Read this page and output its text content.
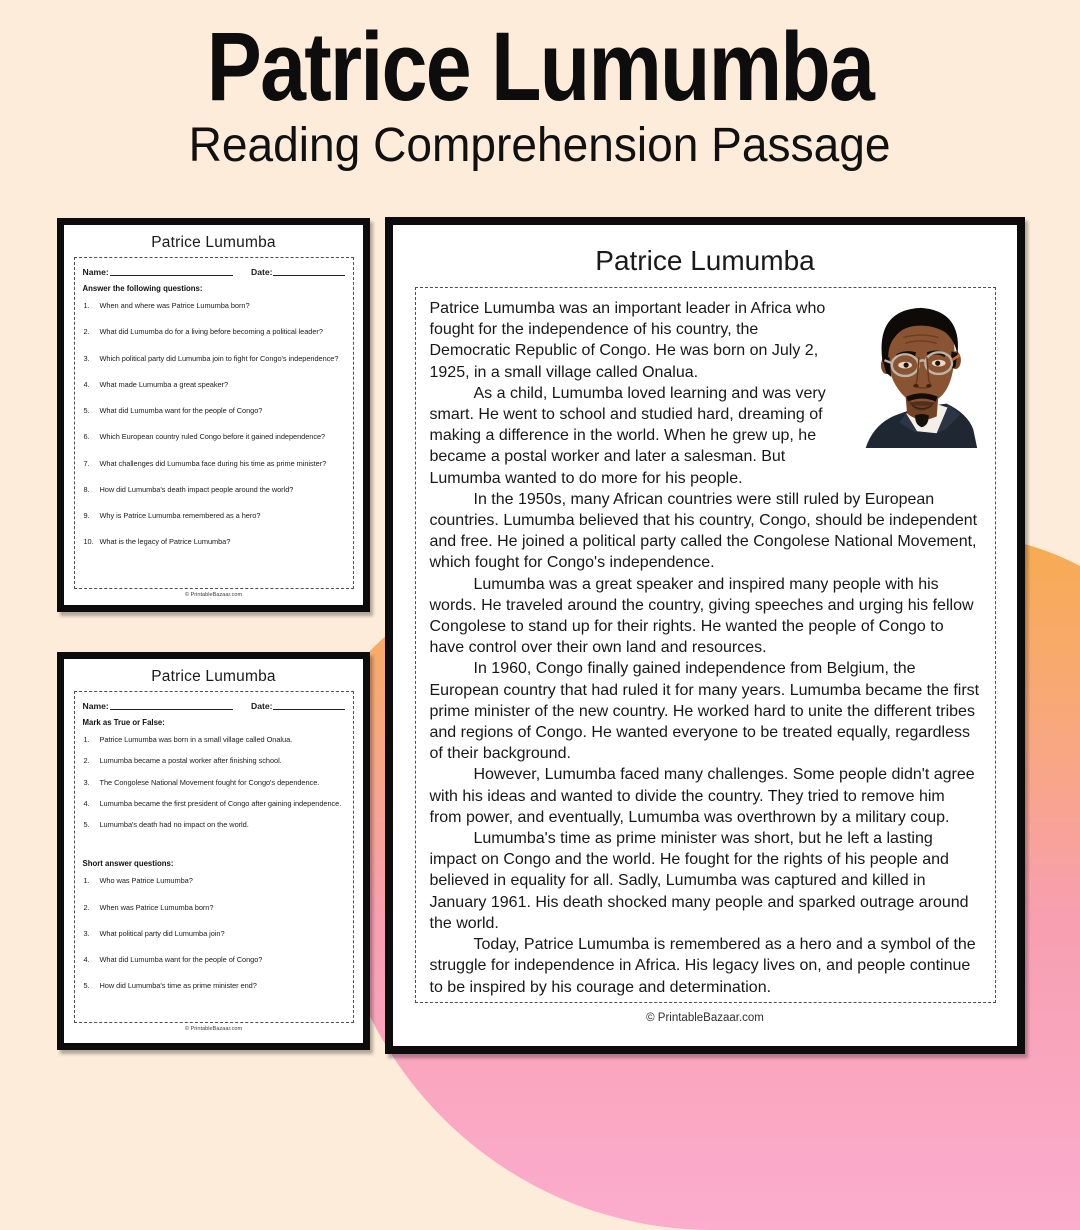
Patrice Lumumba
Reading Comprehension Passage
Patrice Lumumba
Name:	Date:
Answer the following questions:
When and where was Patrice Lumumba born?
What did Lumumba do for a living before becoming a political leader?
Which political party did Lumumba join to fight for Congo's independence?
What made Lumumba a great speaker?
What did Lumumba want for the people of Congo?
Which European country ruled Congo before it gained independence?
What challenges did Lumumba face during his time as prime minister?
How did Lumumba's death impact people around the world?
Why is Patrice Lumumba remembered as a hero?
What is the legacy of Patrice Lumumba?
© PrintableBazaar.com
Patrice Lumumba
Name:	Date:
Mark as True or False:
Patrice Lumumba was born in a small village called Onalua.
Lumumba became a postal worker after finishing school.
The Congolese National Movement fought for Congo's dependence.
Lumumba became the first president of Congo after gaining independence.
Lumumba's death had no impact on the world.
Short answer questions:
Who was Patrice Lumumba?
When was Patrice Lumumba born?
What political party did Lumumba join?
What did Lumumba want for the people of Congo?
How did Lumumba's time as prime minister end?
© PrintableBazaar.com
Patrice Lumumba

Patrice Lumumba was an important leader in Africa who fought for the independence of his country, the Democratic Republic of Congo. He was born on July 2, 1925, in a small village called Onalua.

As a child, Lumumba loved learning and was very smart. He went to school and studied hard, dreaming of making a difference in the world. When he grew up, he became a postal worker and later a salesman. But Lumumba wanted to do more for his people.

In the 1950s, many African countries were still ruled by European countries. Lumumba believed that his country, Congo, should be independent and free. He joined a political party called the Congolese National Movement, which fought for Congo's independence.

Lumumba was a great speaker and inspired many people with his words. He traveled around the country, giving speeches and urging his fellow Congolese to stand up for their rights. He wanted the people of Congo to have control over their own land and resources.

In 1960, Congo finally gained independence from Belgium, the European country that had ruled it for many years. Lumumba became the first prime minister of the new country. He worked hard to unite the different tribes and regions of Congo. He wanted everyone to be treated equally, regardless of their background.

However, Lumumba faced many challenges. Some people didn't agree with his ideas and wanted to divide the country. They tried to remove him from power, and eventually, Lumumba was overthrown by a military coup.

Lumumba's time as prime minister was short, but he left a lasting impact on Congo and the world. He fought for the rights of his people and believed in equality for all. Sadly, Lumumba was captured and killed in January 1961. His death shocked many people and sparked outrage around the world.

Today, Patrice Lumumba is remembered as a hero and a symbol of the struggle for independence in Africa. His legacy lives on, and people continue to be inspired by his courage and determination.

© PrintableBazaar.com
